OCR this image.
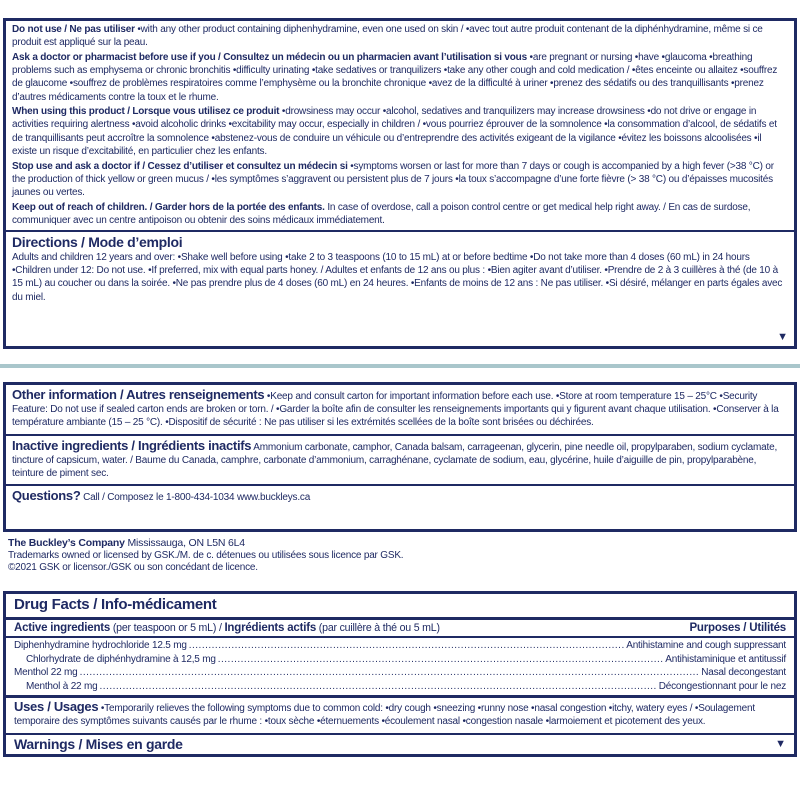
Do not use / Ne pas utiliser •with any other product containing diphenhydramine, even one used on skin / •avec tout autre produit contenant de la diphénhydramine, même si ce produit est appliqué sur la peau.

Ask a doctor or pharmacist before use if you / Consultez un médecin ou un pharmacien avant l’utilisation si vous •are pregnant or nursing •have •glaucoma •breathing problems such as emphysema or chronic bronchitis •difficulty urinating •take sedatives or tranquilizers •take any other cough and cold medication / •êtes enceinte ou allaitez •souffrez de glaucome •souffrez de problèmes respiratoires comme l’emphysème ou la bronchite chronique •avez de la difficulté à uriner •prenez des sédatifs ou des tranquillisants •prenez d’autres médicaments contre la toux et le rhume.

When using this product / Lorsque vous utilisez ce produit •drowsiness may occur •alcohol, sedatives and tranquilizers may increase drowsiness •do not drive or engage in activities requiring alertness •avoid alcoholic drinks •excitability may occur, especially in children / •vous pourriez éprouver de la somnolence •la consommation d’alcool, de sédatifs et de tranquillisants peut accroître la somnolence •abstenez-vous de conduire un véhicule ou d’entreprendre des activités exigeant de la vigilance •évitez les boissons alcoolisées •il existe un risque d’excitabilité, en particulier chez les enfants.

Stop use and ask a doctor if / Cessez d’utiliser et consultez un médecin si •symptoms worsen or last for more than 7 days or cough is accompanied by a high fever (>38 °C) or the production of thick yellow or green mucus / •les symptômes s’aggravent ou persistent plus de 7 jours •la toux s’accompagne d’une forte fièvre (> 38 °C) ou d’épaisses mucosités jaunes ou vertes.

Keep out of reach of children. / Garder hors de la portée des enfants. In case of overdose, call a poison control centre or get medical help right away. / En cas de surdose, communiquer avec un centre antipoison ou obtenir des soins médicaux immédiatement.

Directions / Mode d’emploi

Adults and children 12 years and over: •Shake well before using •take 2 to 3 teaspoons (10 to 15 mL) at or before bedtime •Do not take more than 4 doses (60 mL) in 24 hours •Children under 12: Do not use. •If preferred, mix with equal parts honey. / Adultes et enfants de 12 ans ou plus : •Bien agiter avant d’utiliser. •Prendre de 2 à 3 cuillères à thé (de 10 à 15 mL) au coucher ou dans la soirée. •Ne pas prendre plus de 4 doses (60 mL) en 24 heures. •Enfants de moins de 12 ans : Ne pas utiliser. •Si désiré, mélanger en parts égales avec du miel.

▼

Other information / Autres renseignements •Keep and consult carton for important information before each use. •Store at room temperature 15 – 25°C •Security Feature: Do not use if sealed carton ends are broken or torn. / •Garder la boîte afin de consulter les renseignements importants qui y figurent avant chaque utilisation. •Conserver à la température ambiante (15 – 25 °C). •Dispositif de sécurité : Ne pas utiliser si les extrémités scellées de la boîte sont brisées ou déchirées.

Inactive ingredients / Ingrédients inactifs Ammonium carbonate, camphor, Canada balsam, carrageenan, glycerin, pine needle oil, propylparaben, sodium cyclamate, tincture of capsicum, water. / Baume du Canada, camphre, carbonate d’ammonium, carraghénane, cyclamate de sodium, eau, glycérine, huile d’aiguille de pin, propylparabène, teinture de piment sec.

Questions? Call / Composez le 1-800-434-1034 www.buckleys.ca

The Buckley’s Company Mississauga, ON L5N 6L4

Trademarks owned or licensed by GSK./M. de c. détenues ou utilisées sous licence par GSK.

©2021 GSK or licensor./GSK ou son concédant de licence.

Drug Facts / Info-médicament
Active ingredients (per teaspoon or 5 mL) / Ingrédients actifs (par cuillère à thé ou 5 mL)	Purposes / Utilités
Diphenhydramine hydrochloride 12.5 mg .....	Antihistamine and cough suppressant
Chlorhydrate de diphénhydramine à 12,5 mg .....	Antihistaminique et antitussif
Menthol 22 mg .....	Nasal decongestant
Menthol à 22 mg .....	Décongestionnant pour le nez

Uses / Usages •Temporarily relieves the following symptoms due to common cold: •dry cough •sneezing •runny nose •nasal congestion •itchy, watery eyes / •Soulagement temporaire des symptômes suivants causés par le rhume : •toux sèche •éternuements •écoulement nasal •congestion nasale •larmoiement et picotement des yeux.

Warnings / Mises en garde	▼
